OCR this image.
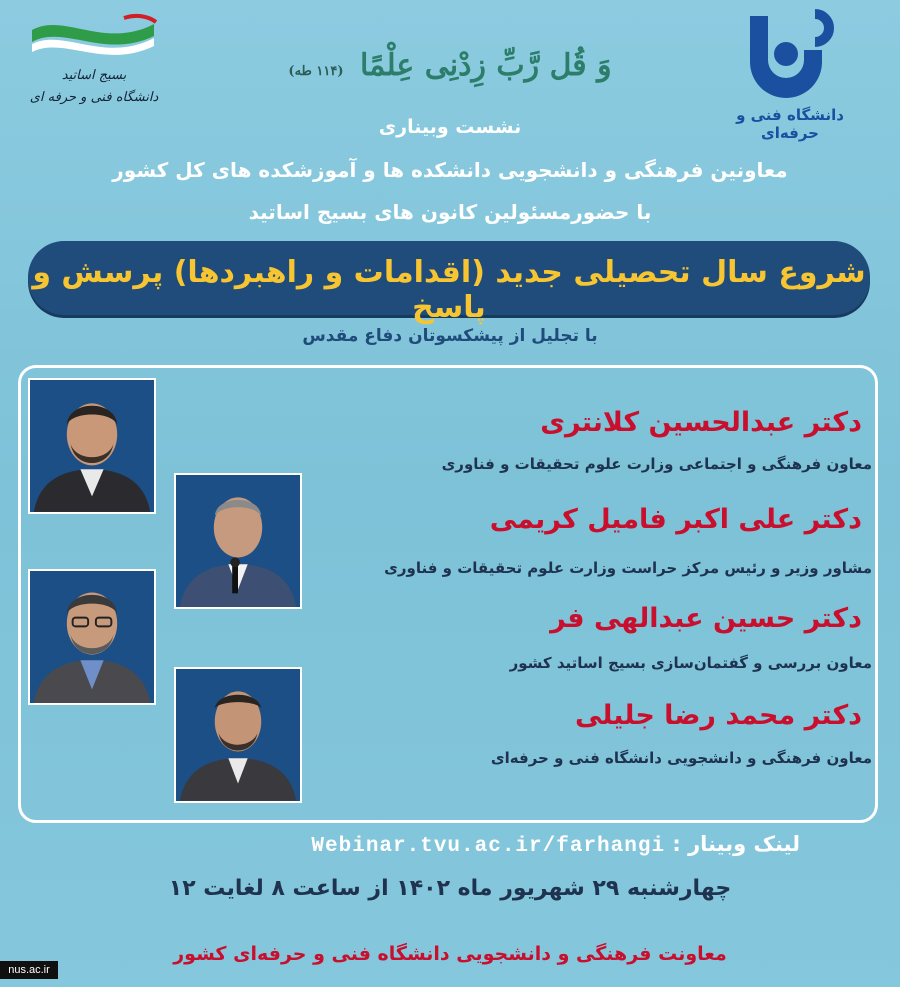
دانشگاه فنی و حرفه‌ای
بسیج اساتید
دانشگاه فنی و حرفه ای
وَ قُل رَّبِّ زِدْنِی عِلْمًا (۱۱۴ طه)
نشست وبیناری
معاونین فرهنگی و دانشجویی دانشکده ها و آموزشکده های کل کشور
با حضورمسئولین کانون های بسیج اساتید
شروع سال تحصیلی جدید (اقدامات و راهبردها) پرسش و پاسخ
با تجلیل از پیشکسوتان دفاع مقدس
دکتر عبدالحسین کلانتری
معاون فرهنگی و اجتماعی وزارت علوم تحقیقات و فناوری
دکتر علی اکبر فامیل کریمی
مشاور وزیر و رئیس مرکز حراست وزارت علوم تحقیقات و فناوری
دکتر حسین عبدالهی فر
معاون بررسی و گفتمان‌سازی بسیج اساتید کشور
دکتر محمد رضا جلیلی
معاون فرهنگی و دانشجویی دانشگاه فنی و حرفه‌ای
لینک وبینار : Webinar.tvu.ac.ir/farhangi
چهارشنبه ۲۹ شهریور ماه ۱۴۰۲ از ساعت ۸ لغایت ۱۲
معاونت فرهنگی و دانشجویی دانشگاه فنی و حرفه‌ای کشور
nus.ac.ir
